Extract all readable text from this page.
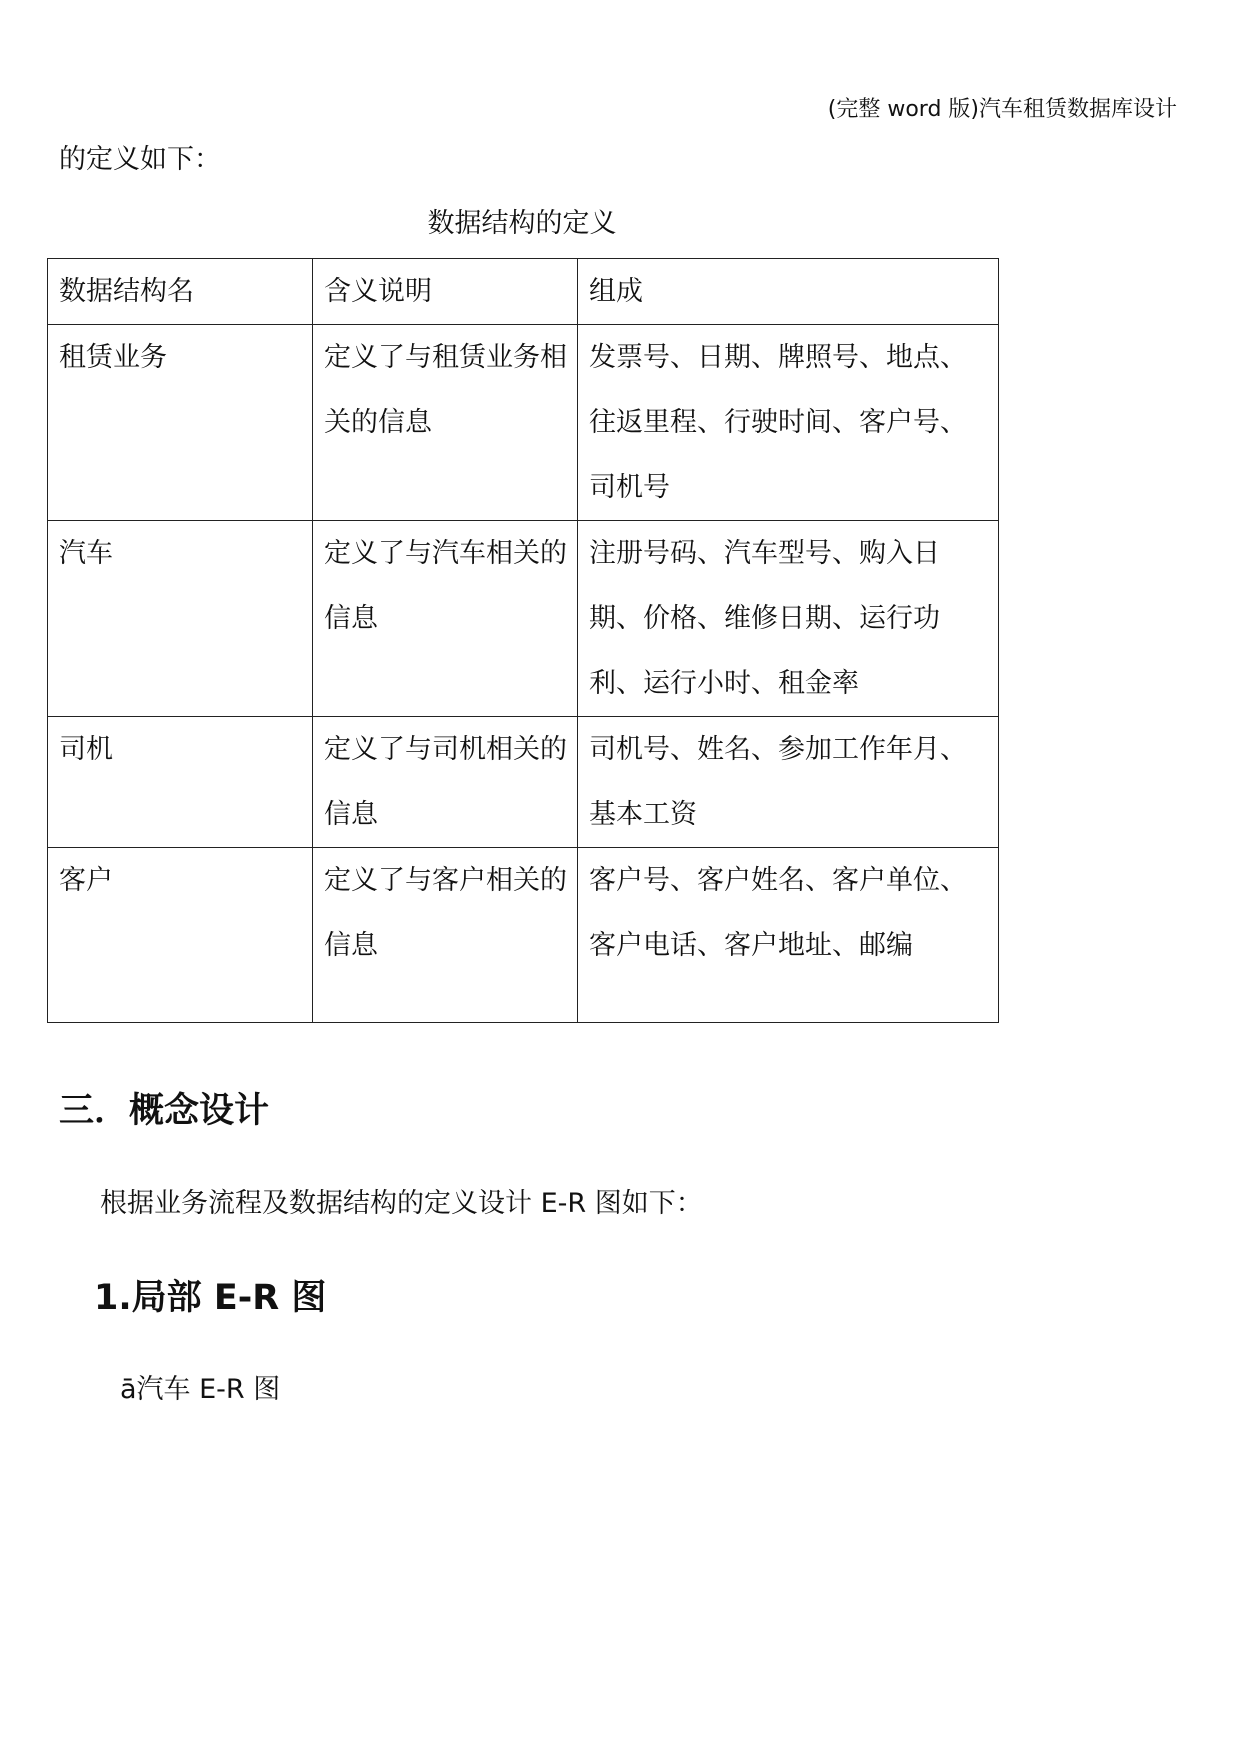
(完整 word 版)汽车租赁数据库设计
的定义如下：
数据结构的定义
数据结构名	含义说明	组成

租赁业务	定义了与租赁业务相关的信息	发票号、日期、牌照号、地点、往返里程、行驶时间、客户号、司机号

汽车	定义了与汽车相关的信息	注册号码、汽车型号、购入日期、价格、维修日期、运行功利、运行小时、租金率

司机	定义了与司机相关的信息	司机号、姓名、参加工作年月、基本工资

客户	定义了与客户相关的信息	客户号、客户姓名、客户单位、客户电话、客户地址、邮编
三．概念设计
根据业务流程及数据结构的定义设计 E-R 图如下：
1.局部 E-R 图
ā汽车 E-R 图
